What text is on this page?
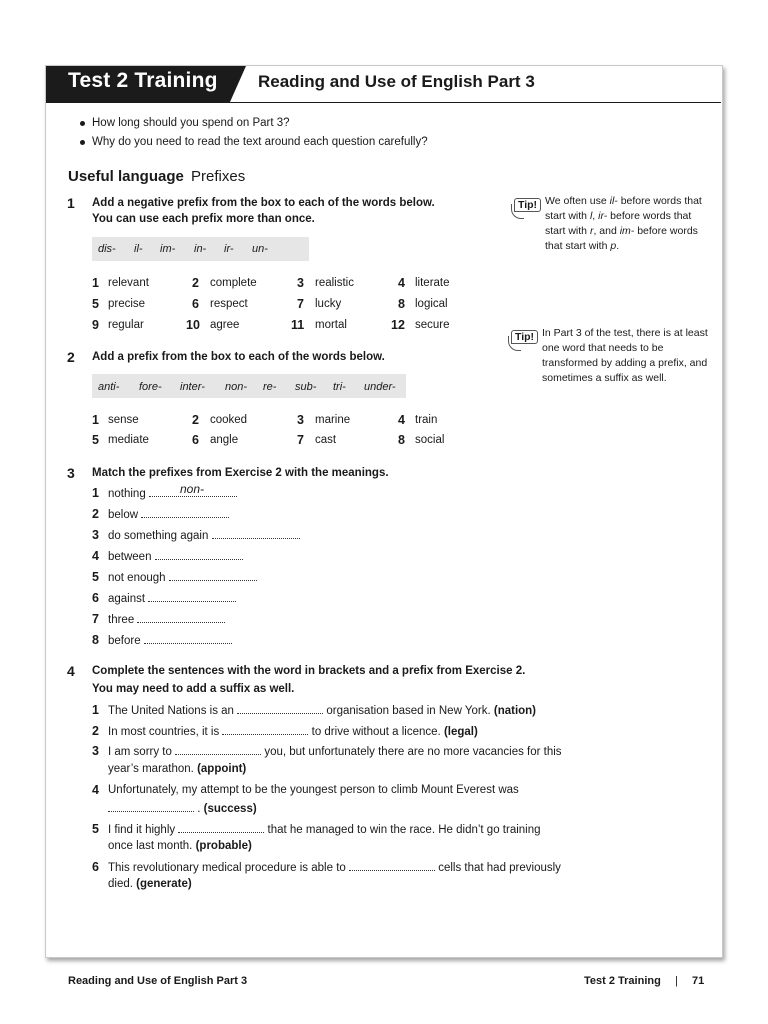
Test 2 Training Reading and Use of English Part 3
How long should you spend on Part 3?
Why do you need to read the text around each question carefully?
Useful language Prefixes
1 Add a negative prefix from the box to each of the words below.
You can use each prefix more than once.
dis- il- im- in- ir- un-
1 relevant	2 complete	3 realistic	4 literate
5 precise	6 respect	7 lucky	8 logical
9 regular	10 agree	11 mortal	12 secure
Tip! We often use il- before words that start with l, ir- before words that start with r, and im- before words that start with p.
Tip! In Part 3 of the test, there is at least one word that needs to be transformed by adding a prefix, and sometimes a suffix as well.
2 Add a prefix from the box to each of the words below.
anti- fore- inter- non- re- sub- tri- under-
1 sense	2 cooked	3 marine	4 train
5 mediate	6 angle	7 cast	8 social
3 Match the prefixes from Exercise 2 with the meanings.
1 nothing	non-
2 below
3 do something again
4 between
5 not enough
6 against
7 three
8 before
4 Complete the sentences with the word in brackets and a prefix from Exercise 2.
You may need to add a suffix as well.
1 The United Nations is an	organisation based in New York. (nation)
2 In most countries, it is	to drive without a licence. (legal)
3 I am sorry to	you, but unfortunately there are no more vacancies for this
year’s marathon. (appoint)
4 Unfortunately, my attempt to be the youngest person to climb Mount Everest was
. (success)
5 I find it highly	that he managed to win the race. He didn’t go training
once last month. (probable)
6 This revolutionary medical procedure is able to	cells that had previously
died. (generate)
Reading and Use of English Part 3	Test 2 Training | 71
